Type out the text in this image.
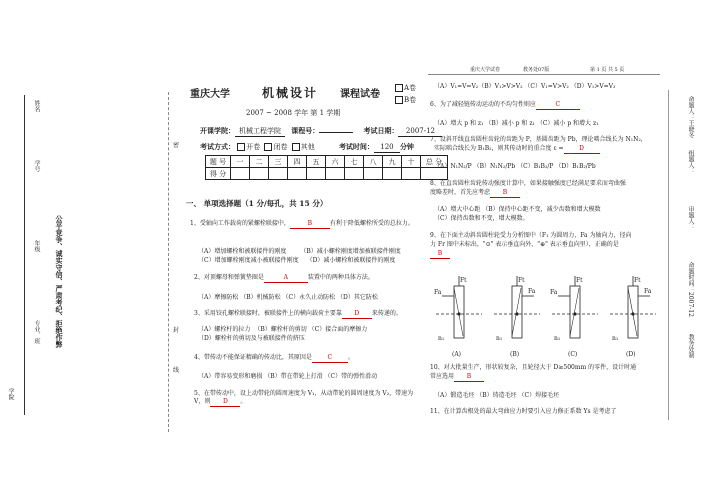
学院
专业、班
年级
学号
姓名
公平竞争、诚实守信、严肃考纪、拒绝作弊
密
封
线
重庆大学	机械设计 课程试卷
A卷
B卷
2007 ~ 2008 学年 第 1 学期
开课学院： 机械工程学院 课程号：	考试日期： 2007-12
考试方式： 开卷 闭卷 其他	考试时间： 120 分钟
题 号	一	二	三	四	五	六	七	八	九	十	总 分
得 分											
一、 单项选择题（1 分/每孔，共 15 分）
1、受轴向工作载荷的紧螺栓联接中，	B	有利于降低螺栓所受的总拉力。
（A）增加螺栓和被联接件的刚度 （B）减小螺栓刚度增加被联接件刚度
（C）增加螺栓刚度减小被联接件刚度 （D）减小螺栓和被联接件的刚度
2、对顶螺母和弹簧垫圈是	A	装置中的两种具体方法。
（A）摩擦防松 （B）机械防松 （C）永久止动防松 （D）其它防松
3、采用铰孔螺栓联接时，被联接件上的横向载荷主要靠 D 来传递的。
（A）螺栓杆的拉力 （B）螺栓杆的剪切 （C）接合面的摩擦力
（D）螺栓杆的剪切及与被联接件的挤压
4、带传动不能保证精确的传动比，其原因是	C	。
（A）带容易变形和磨损 （B）带在带轮上打滑 （C）带的弹性滑动
5、在带传动中，设上动带轮的圆周速度为 V₁，从动带轮的圆周速度为 V₂，带速为 V，则 D 。
重庆大学试卷	教务处07版	第 1 页 共 5 页
（A）V₁=V=V₂（B）V₁>V>V₂ （C）V₁=V>V₂ （D）V₁>V=V₂
6、为了减轻链传动运动的不均匀性则应	C
（A）增大 p 和 z₁ （B）减小 p 和 z₁ （C）减小 p 和增大 z₁
7、设斜开线直齿圆柱齿轮的齿距为 P，基圆齿距为 Pb，理论啮合线长为 N₁N₂，
实际啮合线长为 B₁B₂，则其传动时的重合度 ε =	D
（A）N₁N₂/P （B）N₁N₂/Pb （C）B₁B₂/P （D）B₁B₂/Pb
8、在直齿圆柱齿轮传动强度计算中，如果接触强度已经满足要求而弯曲强
度略差时，首先应考虑 B
（A）增大中心距 （B）保持中心距不变，减少齿数和增大模数
（C）保持齿数和不变，增大模数。
9、在下面主动斜齿圆柱轮受力分析图中（F₁ 为圆周力，Fa 为轴向力，径向
力 Fr 图中未标出，"⊙" 表示垂直向外，"⊕" 表示垂直向里），正确的是
B
Fa
Ft	Ft
Fa Fa
Ft	Ft
Fa
n₁	n₁	n₁	n₁
(A)	(B)	(C)	(D)
10、对大批量生产，形状较复杂，且轮径大于 D≥500mm 的零件，设计时通
常应选用 B
（A）锻造毛坯 （B）铸造毛坯 （C）焊接毛坯
11、在计算齿根处的最大弯曲应力时要引入应力修正系数 Ys 是考虑了
命题人：王晓冬
组题人：
审题人：
命题时间：2007-12
教务处制
